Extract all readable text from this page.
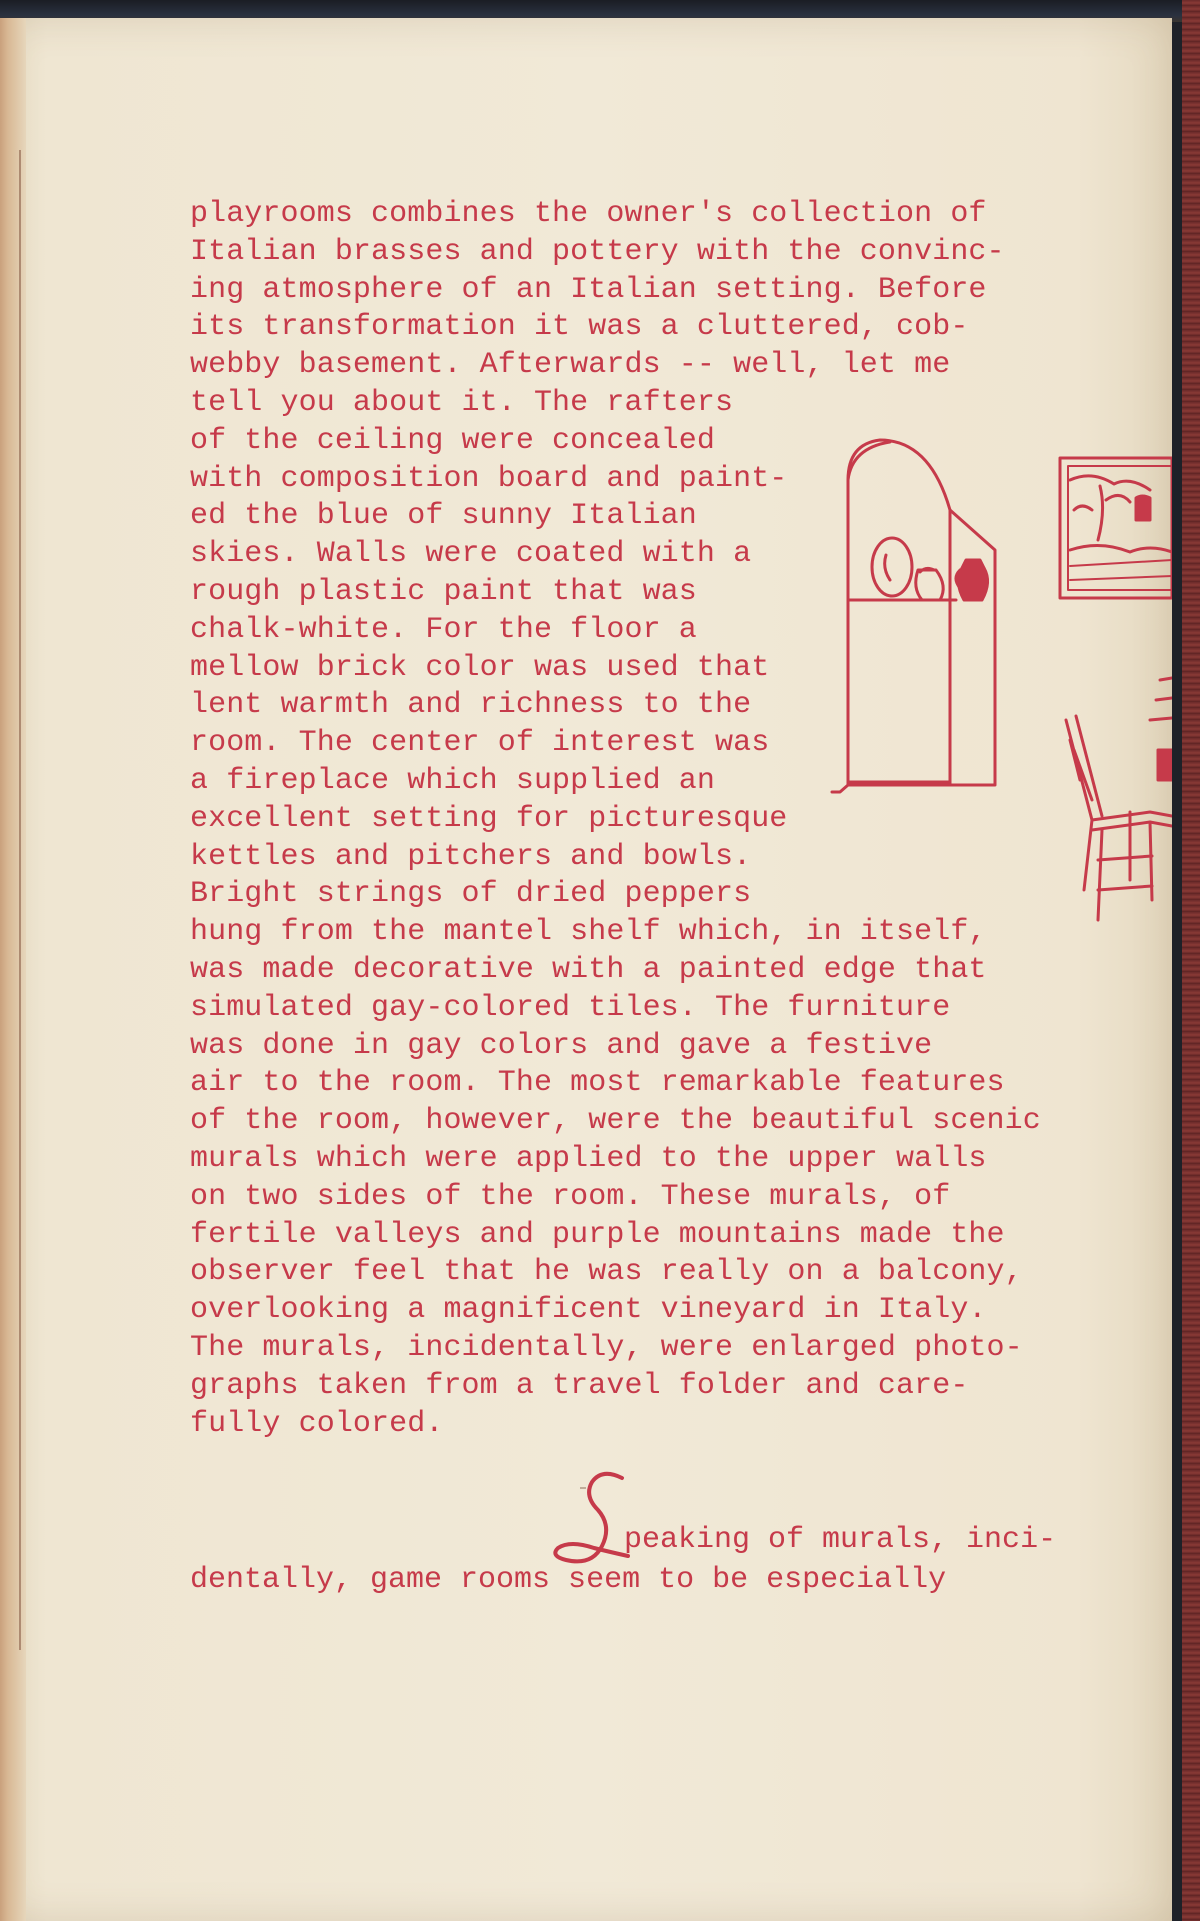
playrooms combines the owner's collection of
Italian brasses and pottery with the convinc-
ing atmosphere of an Italian setting. Before
its transformation it was a cluttered, cob-
webby basement. Afterwards -- well, let me
tell you about it. The rafters
of the ceiling were concealed
with composition board and paint-
ed the blue of sunny Italian
skies. Walls were coated with a
rough plastic paint that was
chalk-white. For the floor a
mellow brick color was used that
lent warmth and richness to the
room. The center of interest was
a fireplace which supplied an
excellent setting for picturesque
kettles and pitchers and bowls.
Bright strings of dried peppers
hung from the mantel shelf which, in itself,
was made decorative with a painted edge that
simulated gay-colored tiles. The furniture
was done in gay colors and gave a festive
air to the room. The most remarkable features
of the room, however, were the beautiful scenic
murals which were applied to the upper walls
on two sides of the room. These murals, of
fertile valleys and purple mountains made the
observer feel that he was really on a balcony,
overlooking a magnificent vineyard in Italy.
The murals, incidentally, were enlarged photo-
graphs taken from a travel folder and care-
fully colored.
peaking of murals, inci-
dentally, game rooms seem to be especially
